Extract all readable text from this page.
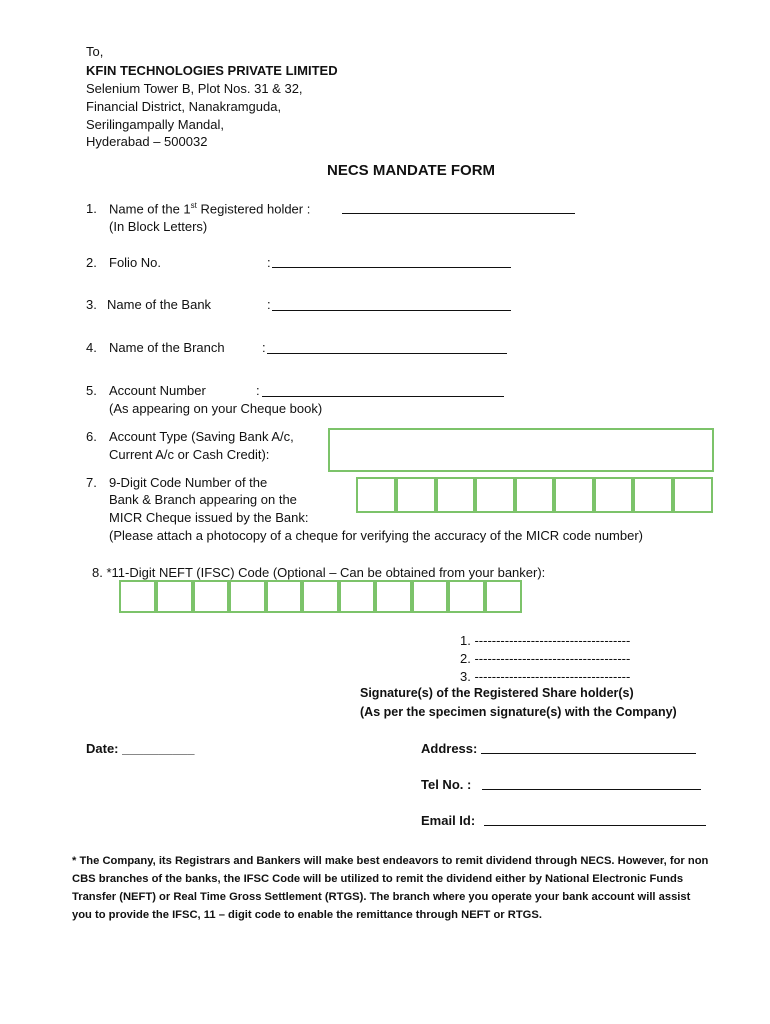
To,
KFIN TECHNOLOGIES PRIVATE LIMITED
Selenium Tower B, Plot Nos. 31 & 32,
Financial District, Nanakramguda,
Serilingampally Mandal,
Hyderabad – 500032
NECS MANDATE FORM
1. Name of the 1st Registered holder :
(In Block Letters)
2. Folio No.	:
3. Name of the Bank	:
4. Name of the Branch	:
5. Account Number	:
(As appearing on your Cheque book)
6. Account Type (Saving Bank A/c,
Current A/c or Cash Credit):
7. 9-Digit Code Number of the
Bank & Branch appearing on the
MICR Cheque issued by the Bank:
(Please attach a photocopy of a cheque for verifying the accuracy of the MICR code number)
8. *11-Digit NEFT (IFSC) Code (Optional – Can be obtained from your banker):
1. ------------------------------------
2. ------------------------------------
3. ------------------------------------
Signature(s) of the Registered Share holder(s)
(As per the specimen signature(s) with the Company)
Date: __________	Address:
Tel No. :
Email Id:
* The Company, its Registrars and Bankers will make best endeavors to remit dividend through NECS. However, for non CBS branches of the banks, the IFSC Code will be utilized to remit the dividend either by National Electronic Funds Transfer (NEFT) or Real Time Gross Settlement (RTGS). The branch where you operate your bank account will assist you to provide the IFSC, 11 – digit code to enable the remittance through NEFT or RTGS.
